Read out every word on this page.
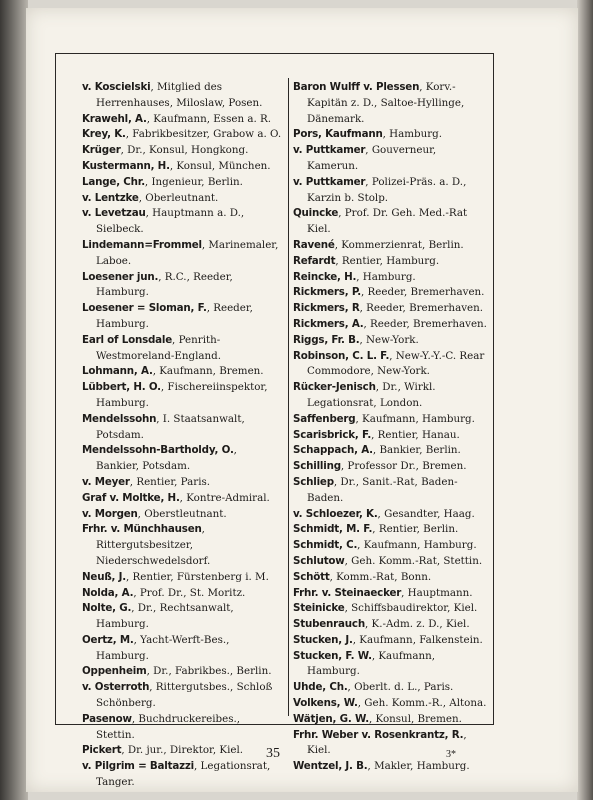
v. Koscielski, Mitglied des Herrenhauses, Miloslaw, Posen.
Krawehl, A., Kaufmann, Essen a. R.
Krey, K., Fabrikbesitzer, Grabow a. O.
Krüger, Dr., Konsul, Hongkong.
Kustermann, H., Konsul, München.
Lange, Chr., Ingenieur, Berlin.
v. Lentzke, Oberleutnant.
v. Levetzau, Hauptmann a. D., Sielbeck.
Lindemann=Frommel, Marinemaler, Laboe.
Loesener jun., R.C., Reeder, Hamburg.
Loesener = Sloman, F., Reeder, Hamburg.
Earl of Lonsdale, Penrith-Westmoreland-England.
Lohmann, A., Kaufmann, Bremen.
Lübbert, H. O., Fischereiinspektor, Hamburg.
Mendelssohn, I. Staatsanwalt, Potsdam.
Mendelssohn-Bartholdy, O., Bankier, Potsdam.
v. Meyer, Rentier, Paris.
Graf v. Moltke, H., Kontre-Admiral.
v. Morgen, Oberstleutnant.
Frhr. v. Münchhausen, Rittergutsbesitzer, Niederschwedelsdorf.
Neuß, J., Rentier, Fürstenberg i. M.
Nolda, A., Prof. Dr., St. Moritz.
Nolte, G., Dr., Rechtsanwalt, Hamburg.
Oertz, M., Yacht-Werft-Bes., Hamburg.
Oppenheim, Dr., Fabrikbes., Berlin.
v. Osterroth, Rittergutsbes., Schloß Schönberg.
Pasenow, Buchdruckereibes., Stettin.
Pickert, Dr. jur., Direktor, Kiel.
v. Pilgrim = Baltazzi, Legationsrat, Tanger.
Baron Wulff v. Plessen, Korv.-Kapitän z. D., Saltoe-Hyllinge, Dänemark.
Pors, Kaufmann, Hamburg.
v. Puttkamer, Gouverneur, Kamerun.
v. Puttkamer, Polizei-Präs. a. D., Karzin b. Stolp.
Quincke, Prof. Dr. Geh. Med.-Rat Kiel.
Ravené, Kommerzienrat, Berlin.
Refardt, Rentier, Hamburg.
Reincke, H., Hamburg.
Rickmers, P., Reeder, Bremerhaven.
Rickmers, R, Reeder, Bremerhaven.
Rickmers, A., Reeder, Bremerhaven.
Riggs, Fr. B., New-York.
Robinson, C. L. F., New-Y.-Y.-C. Rear Commodore, New-York.
Rücker-Jenisch, Dr., Wirkl. Legationsrat, London.
Saffenberg, Kaufmann, Hamburg.
Scarisbrick, F., Rentier, Hanau.
Schappach, A., Bankier, Berlin.
Schilling, Professor Dr., Bremen.
Schliep, Dr., Sanit.-Rat, Baden-Baden.
v. Schloezer, K., Gesandter, Haag.
Schmidt, M. F., Rentier, Berlin.
Schmidt, C., Kaufmann, Hamburg.
Schlutow, Geh. Komm.-Rat, Stettin.
Schött, Komm.-Rat, Bonn.
Frhr. v. Steinaecker, Hauptmann.
Steinicke, Schiffsbaudirektor, Kiel.
Stubenrauch, K.-Adm. z. D., Kiel.
Stucken, J., Kaufmann, Falkenstein.
Stucken, F. W., Kaufmann, Hamburg.
Uhde, Ch., Oberlt. d. L., Paris.
Volkens, W., Geh. Komm.-R., Altona.
Wätjen, G. W., Konsul, Bremen.
Frhr. Weber v. Rosenkrantz, R., Kiel.
Wentzel, J. B., Makler, Hamburg.
35	3*
